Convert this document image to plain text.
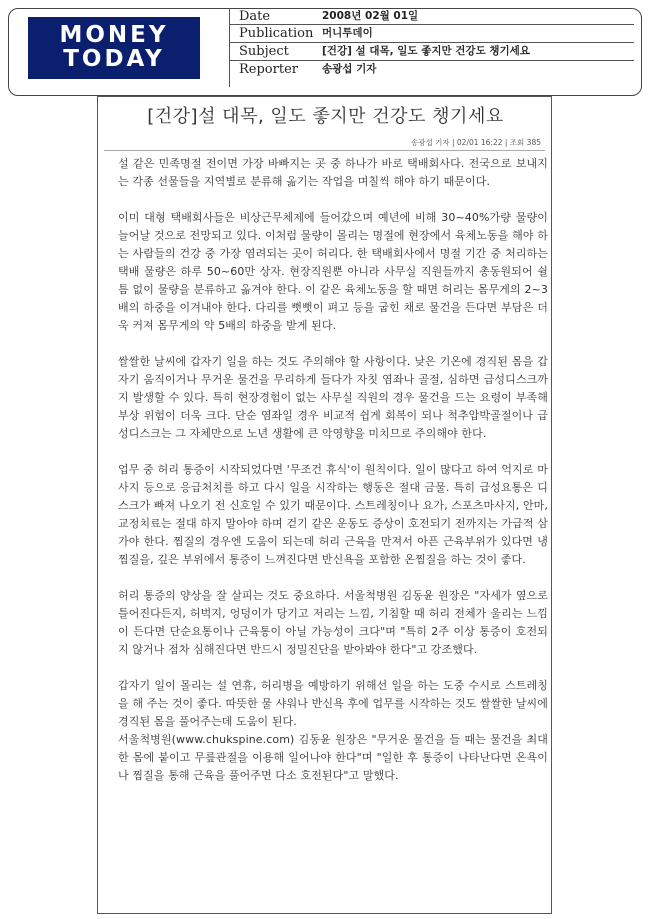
MONEY
TODAY
Date	2008년 02월 01일
Publication 머니투데이
Subject	[건강] 설 대목, 일도 좋지만 건강도 챙기세요
Reporter	송광섭 기자
[건강]설 대목, 일도 좋지만 건강도 챙기세요
송광섭 기자 | 02/01 16:22 | 조회 385

설 같은 민족명절 전이면 가장 바빠지는 곳 중 하나가 바로 택배회사다. 전국으로 보내지는 각종 선물들을 지역별로 분류해 옮기는 작업을 며칠씩 해야 하기 때문이다.

이미 대형 택배회사들은 비상근무체제에 들어갔으며 예년에 비해 30~40%가량 물량이 늘어날 것으로 전망되고 있다. 이처럼 물량이 몰리는 명절에 현장에서 육체노동을 해야 하는 사람들의 건강 중 가장 염려되는 곳이 허리다. 한 택배회사에서 명절 기간 중 처리하는 택배 물량은 하루 50~60만 상자. 현장직원뿐 아니라 사무실 직원들까지 총동원되어 쉴 틈 없이 물량을 분류하고 옮겨야 한다. 이 같은 육체노동을 할 때면 허리는 몸무게의 2~3배의 하중을 이겨내야 한다. 다리를 뻣뻣이 펴고 등을 굽힌 채로 물건을 든다면 부담은 더욱 커져 몸무게의 약 5배의 하중을 받게 된다.

쌀쌀한 날씨에 갑자기 일을 하는 것도 주의해야 할 사항이다. 낮은 기온에 경직된 몸을 갑자기 움직이거나 무거운 물건을 무리하게 들다가 자칫 염좌나 골절, 심하면 급성디스크까지 발생할 수 있다. 특히 현장경험이 없는 사무실 직원의 경우 물건을 드는 요령이 부족해 부상 위험이 더욱 크다. 단순 염좌일 경우 비교적 쉽게 회복이 되나 척추압박골절이나 급성디스크는 그 자체만으로 노년 생활에 큰 악영향을 미치므로 주의해야 한다.

업무 중 허리 통증이 시작되었다면 '무조건 휴식'이 원칙이다. 일이 많다고 하여 억지로 마사지 등으로 응급처치를 하고 다시 일을 시작하는 행동은 절대 금물. 특히 급성요통은 디스크가 빠져 나오기 전 신호일 수 있기 때문이다. 스트레칭이나 요가, 스포츠마사지, 안마, 교정치료는 절대 하지 말아야 하며 걷기 같은 운동도 증상이 호전되기 전까지는 가급적 삼가야 한다. 찜질의 경우엔 도움이 되는데 허리 근육을 만져서 아픈 근육부위가 있다면 냉찜질을, 깊은 부위에서 통증이 느껴진다면 반신욕을 포함한 온찜질을 하는 것이 좋다.

허리 통증의 양상을 잘 살피는 것도 중요하다. 서울척병원 김동윤 원장은 "자세가 옆으로 틀어진다든지, 허벅지, 엉덩이가 당기고 저리는 느낌, 기침할 때 허리 전체가 울리는 느낌이 든다면 단순요통이나 근육통이 아닐 가능성이 크다"며 "특히 2주 이상 통증이 호전되지 않거나 점차 심해진다면 반드시 정밀진단을 받아봐야 한다"고 강조했다.

갑자기 일이 몰리는 설 연휴, 허리병을 예방하기 위해선 일을 하는 도중 수시로 스트레칭을 해 주는 것이 좋다. 따뜻한 물 샤워나 반신욕 후에 업무를 시작하는 것도 쌀쌀한 날씨에 경직된 몸을 풀어주는데 도움이 된다.

서울척병원(www.chukspine.com) 김동윤 원장은 "무거운 물건을 들 때는 물건을 최대한 몸에 붙이고 무릎관절을 이용해 일어나야 한다"며 "일한 후 통증이 나타난다면 온욕이나 찜질을 통해 근육을 풀어주면 다소 호전된다"고 말했다.
